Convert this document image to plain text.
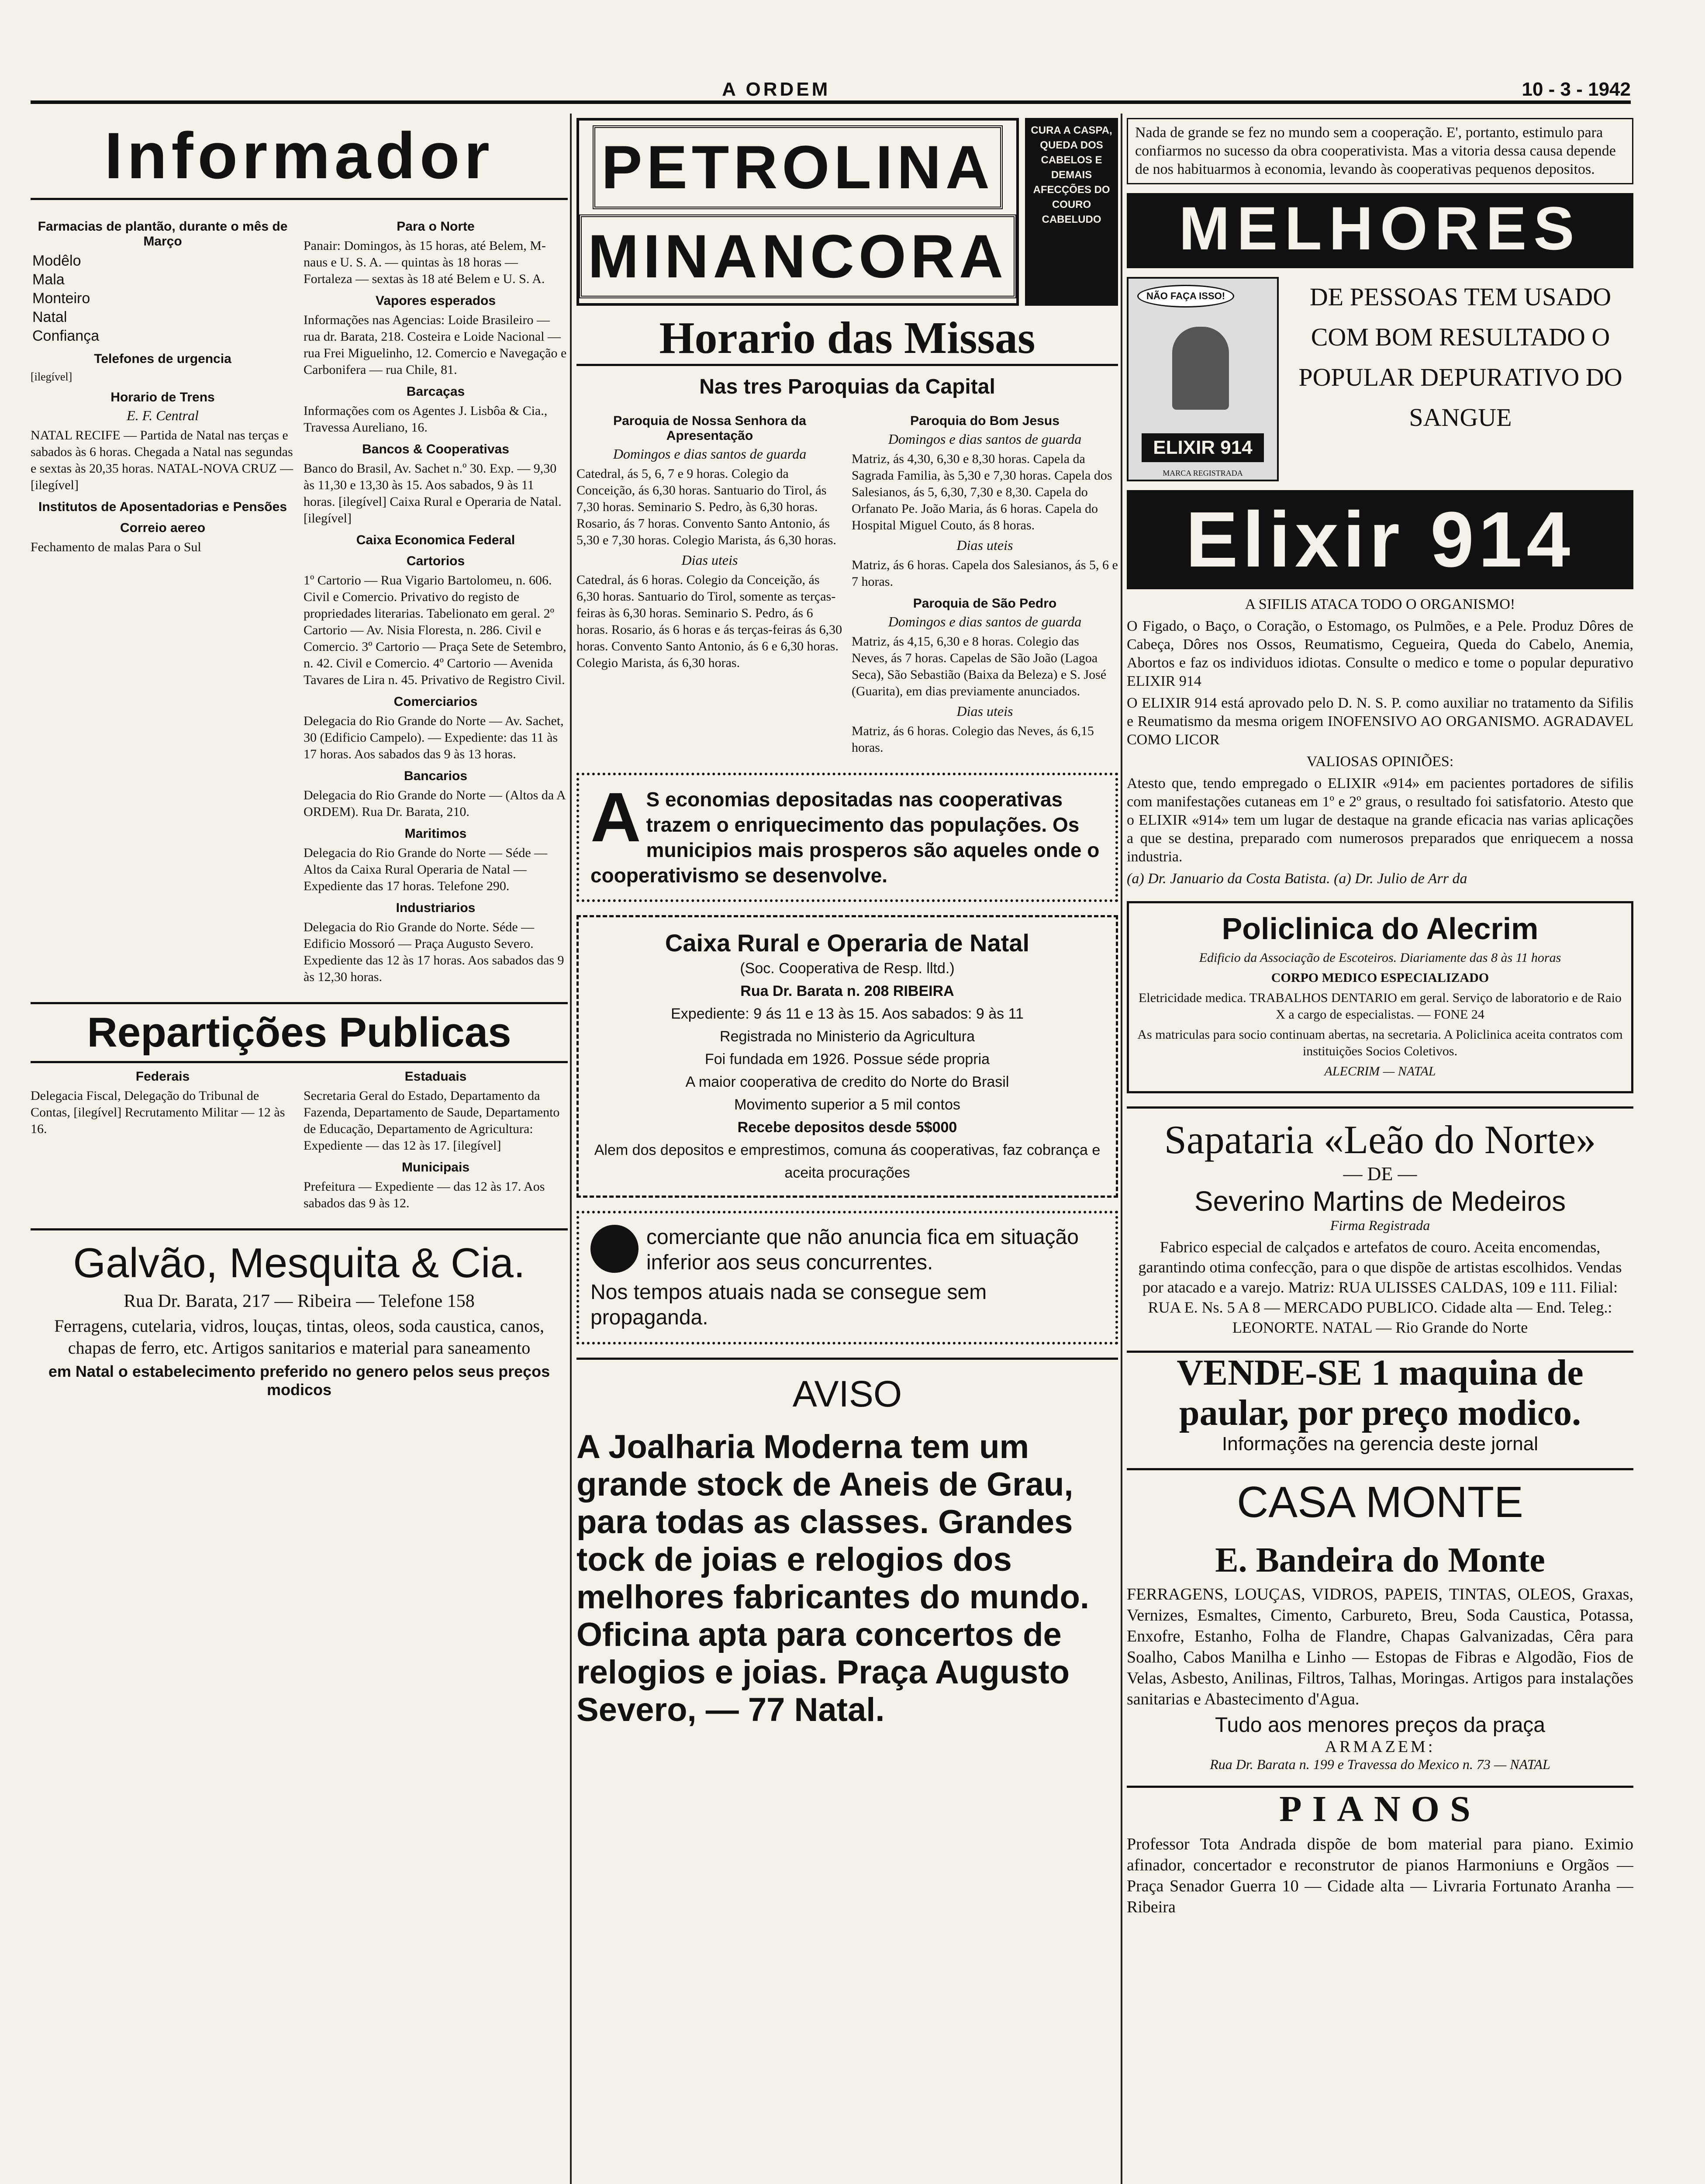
A ORDEM	10 - 3 - 1942
Informador
Farmacias de plantão, durante o mês de Março
Modêlo	
Mala	
Monteiro	
Natal	
Confiança	
Telefones de urgencia

[ilegível]

Horario de Trens
E. F. Central

NATAL RECIFE — Partida de Natal nas terças e sabados às 6 horas. Chegada a Natal nas segundas e sextas às 20,35 horas. NATAL-NOVA CRUZ — [ilegível]

Institutos de Aposentadorias e Pensões
Correio aereo

Fechamento de malas Para o Sul

Para o Norte

Panair: Domingos, às 15 horas, até Belem, M-naus e U. S. A. — quintas às 18 horas — Fortaleza — sextas às 18 até Belem e U. S. A.

Vapores esperados

Informações nas Agencias: Loide Brasileiro — rua dr. Barata, 218. Costeira e Loide Nacional — rua Frei Miguelinho, 12. Comercio e Navegação e Carbonifera — rua Chile, 81.

Barcaças

Informações com os Agentes J. Lisbôa & Cia., Travessa Aureliano, 16.

Bancos & Cooperativas

Banco do Brasil, Av. Sachet n.º 30. Exp. — 9,30 às 11,30 e 13,30 às 15. Aos sabados, 9 às 11 horas. [ilegível] Caixa Rural e Operaria de Natal. [ilegível]

Caixa Economica Federal
Cartorios

1º Cartorio — Rua Vigario Bartolomeu, n. 606. Civil e Comercio. Privativo do registo de propriedades literarias. Tabelionato em geral. 2º Cartorio — Av. Nisia Floresta, n. 286. Civil e Comercio. 3º Cartorio — Praça Sete de Setembro, n. 42. Civil e Comercio. 4º Cartorio — Avenida Tavares de Lira n. 45. Privativo de Registro Civil.

Comerciarios

Delegacia do Rio Grande do Norte — Av. Sachet, 30 (Edificio Campelo). — Expediente: das 11 às 17 horas. Aos sabados das 9 às 13 horas.

Bancarios

Delegacia do Rio Grande do Norte — (Altos da A ORDEM). Rua Dr. Barata, 210.

Maritimos

Delegacia do Rio Grande do Norte — Séde — Altos da Caixa Rural Operaria de Natal — Expediente das 17 horas. Telefone 290.

Industriarios

Delegacia do Rio Grande do Norte. Séde — Edificio Mossoró — Praça Augusto Severo. Expediente das 12 às 17 horas. Aos sabados das 9 às 12,30 horas.

Repartições Publicas
Federais

Delegacia Fiscal, Delegação do Tribunal de Contas, [ilegível] Recrutamento Militar — 12 às 16.

Estaduais

Secretaria Geral do Estado, Departamento da Fazenda, Departamento de Saude, Departamento de Educação, Departamento de Agricultura: Expediente — das 12 às 17. [ilegível]

Municipais

Prefeitura — Expediente — das 12 às 17. Aos sabados das 9 às 12.

Galvão, Mesquita & Cia.

Rua Dr. Barata, 217 — Ribeira — Telefone 158

Ferragens, cutelaria, vidros, louças, tintas, oleos, soda caustica, canos, chapas de ferro, etc. Artigos sanitarios e material para saneamento

em Natal o estabelecimento preferido no genero pelos seus preços modicos

PETROLINA
MINANCORA
CURA A CASPA, QUEDA DOS CABELOS E DEMAIS AFECÇÕES DO COURO CABELUDO
Horario das Missas
Nas tres Paroquias da Capital
Paroquia de Nossa Senhora da Apresentação
Domingos e dias santos de guarda

Catedral, ás 5, 6, 7 e 9 horas. Colegio da Conceição, ás 6,30 horas. Santuario do Tirol, ás 7,30 horas. Seminario S. Pedro, às 6,30 horas. Rosario, ás 7 horas. Convento Santo Antonio, ás 5,30 e 7,30 horas. Colegio Marista, ás 6,30 horas.

Dias uteis

Catedral, ás 6 horas. Colegio da Conceição, ás 6,30 horas. Santuario do Tirol, somente as terças-feiras às 6,30 horas. Seminario S. Pedro, ás 6 horas. Rosario, ás 6 horas e ás terças-feiras ás 6,30 horas. Convento Santo Antonio, ás 6 e 6,30 horas. Colegio Marista, ás 6,30 horas.

Paroquia do Bom Jesus
Domingos e dias santos de guarda

Matriz, ás 4,30, 6,30 e 8,30 horas. Capela da Sagrada Familia, às 5,30 e 7,30 horas. Capela dos Salesianos, ás 5, 6,30, 7,30 e 8,30. Capela do Orfanato Pe. João Maria, ás 6 horas. Capela do Hospital Miguel Couto, ás 8 horas.

Dias uteis

Matriz, ás 6 horas. Capela dos Salesianos, ás 5, 6 e 7 horas.

Paroquia de São Pedro
Domingos e dias santos de guarda

Matriz, ás 4,15, 6,30 e 8 horas. Colegio das Neves, ás 7 horas. Capelas de São João (Lagoa Seca), São Sebastião (Baixa da Beleza) e S. José (Guarita), em dias previamente anunciados.

Dias uteis

Matriz, ás 6 horas. Colegio das Neves, ás 6,15 horas.

A S economias depositadas nas cooperativas trazem o enriquecimento das populações. Os municipios mais prosperos são aqueles onde o cooperativismo se desenvolve.
Caixa Rural e Operaria de Natal
(Soc. Cooperativa de Resp. lltd.)
Rua Dr. Barata n. 208 RIBEIRA
Expediente: 9 ás 11 e 13 às 15. Aos sabados: 9 às 11
Registrada no Ministerio da Agricultura
Foi fundada em 1926. Possue séde propria
A maior cooperativa de credito do Norte do Brasil
Movimento superior a 5 mil contos
Recebe depositos desde 5$000
Alem dos depositos e emprestimos, comuna ás cooperativas, faz cobrança e aceita procurações
comerciante que não anuncia fica em situação inferior aos seus concurrentes.
Nos tempos atuais nada se consegue sem propaganda.
AVISO
A Joalharia Moderna tem um grande stock de Aneis de Grau, para todas as classes. Grandes tock de joias e relogios dos melhores fabricantes do mundo. Oficina apta para concertos de relogios e joias. Praça Augusto Severo, — 77 Natal.
Nada de grande se fez no mundo sem a cooperação. E', portanto, estimulo para confiarmos no sucesso da obra cooperativista. Mas a vitoria dessa causa depende de nos habituarmos à economia, levando às cooperativas pequenos depositos.
MELHORES
NÃO FAÇA ISSO!
ELIXIR 914
MARCA REGISTRADA
DE PESSOAS TEM USADO COM BOM RESULTADO O POPULAR DEPURATIVO DO SANGUE
Elixir 914

A SIFILIS ATACA TODO O ORGANISMO!

O Figado, o Baço, o Coração, o Estomago, os Pulmões, e a Pele. Produz Dôres de Cabeça, Dôres nos Ossos, Reumatismo, Cegueira, Queda do Cabelo, Anemia, Abortos e faz os individuos idiotas. Consulte o medico e tome o popular depurativo ELIXIR 914

O ELIXIR 914 está aprovado pelo D. N. S. P. como auxiliar no tratamento da Sifilis e Reumatismo da mesma origem INOFENSIVO AO ORGANISMO. AGRADAVEL COMO LICOR

VALIOSAS OPINIÕES:

Atesto que, tendo empregado o ELIXIR «914» em pacientes portadores de sifilis com manifestações cutaneas em 1º e 2º graus, o resultado foi satisfatorio. Atesto que o ELIXIR «914» tem um lugar de destaque na grande eficacia nas varias aplicações a que se destina, preparado com numerosos preparados que enriquecem a nossa industria.

(a) Dr. Januario da Costa Batista. (a) Dr. Julio de Arr da

Policlinica do Alecrim

Edificio da Associação de Escoteiros. Diariamente das 8 às 11 horas

CORPO MEDICO ESPECIALIZADO

Eletricidade medica. TRABALHOS DENTARIO em geral. Serviço de laboratorio e de Raio X a cargo de especialistas. — FONE 24

As matriculas para socio continuam abertas, na secretaria. A Policlinica aceita contratos com instituições Socios Coletivos.

ALECRIM — NATAL

Sapataria «Leão do Norte»
— DE —
Severino Martins de Medeiros
Firma Registrada

Fabrico especial de calçados e artefatos de couro. Aceita encomendas, garantindo otima confecção, para o que dispõe de artistas escolhidos. Vendas por atacado e a varejo. Matriz: RUA ULISSES CALDAS, 109 e 111. Filial: RUA E. Ns. 5 A 8 — MERCADO PUBLICO. Cidade alta — End. Teleg.: LEONORTE. NATAL — Rio Grande do Norte

VENDE-SE 1 maquina de paular, por preço modico.
Informações na gerencia deste jornal
CASA MONTE
E. Bandeira do Monte

FERRAGENS, LOUÇAS, VIDROS, PAPEIS, TINTAS, OLEOS, Graxas, Vernizes, Esmaltes, Cimento, Carbureto, Breu, Soda Caustica, Potassa, Enxofre, Estanho, Folha de Flandre, Chapas Galvanizadas, Cêra para Soalho, Cabos Manilha e Linho — Estopas de Fibras e Algodão, Fios de Velas, Asbesto, Anilinas, Filtros, Talhas, Moringas. Artigos para instalações sanitarias e Abastecimento d'Agua.

Tudo aos menores preços da praça
ARMAZEM:
Rua Dr. Barata n. 199 e Travessa do Mexico n. 73 — NATAL
PIANOS

Professor Tota Andrada dispõe de bom material para piano. Eximio afinador, concertador e reconstrutor de pianos Harmoniuns e Orgãos — Praça Senador Guerra 10 — Cidade alta — Livraria Fortunato Aranha — Ribeira
